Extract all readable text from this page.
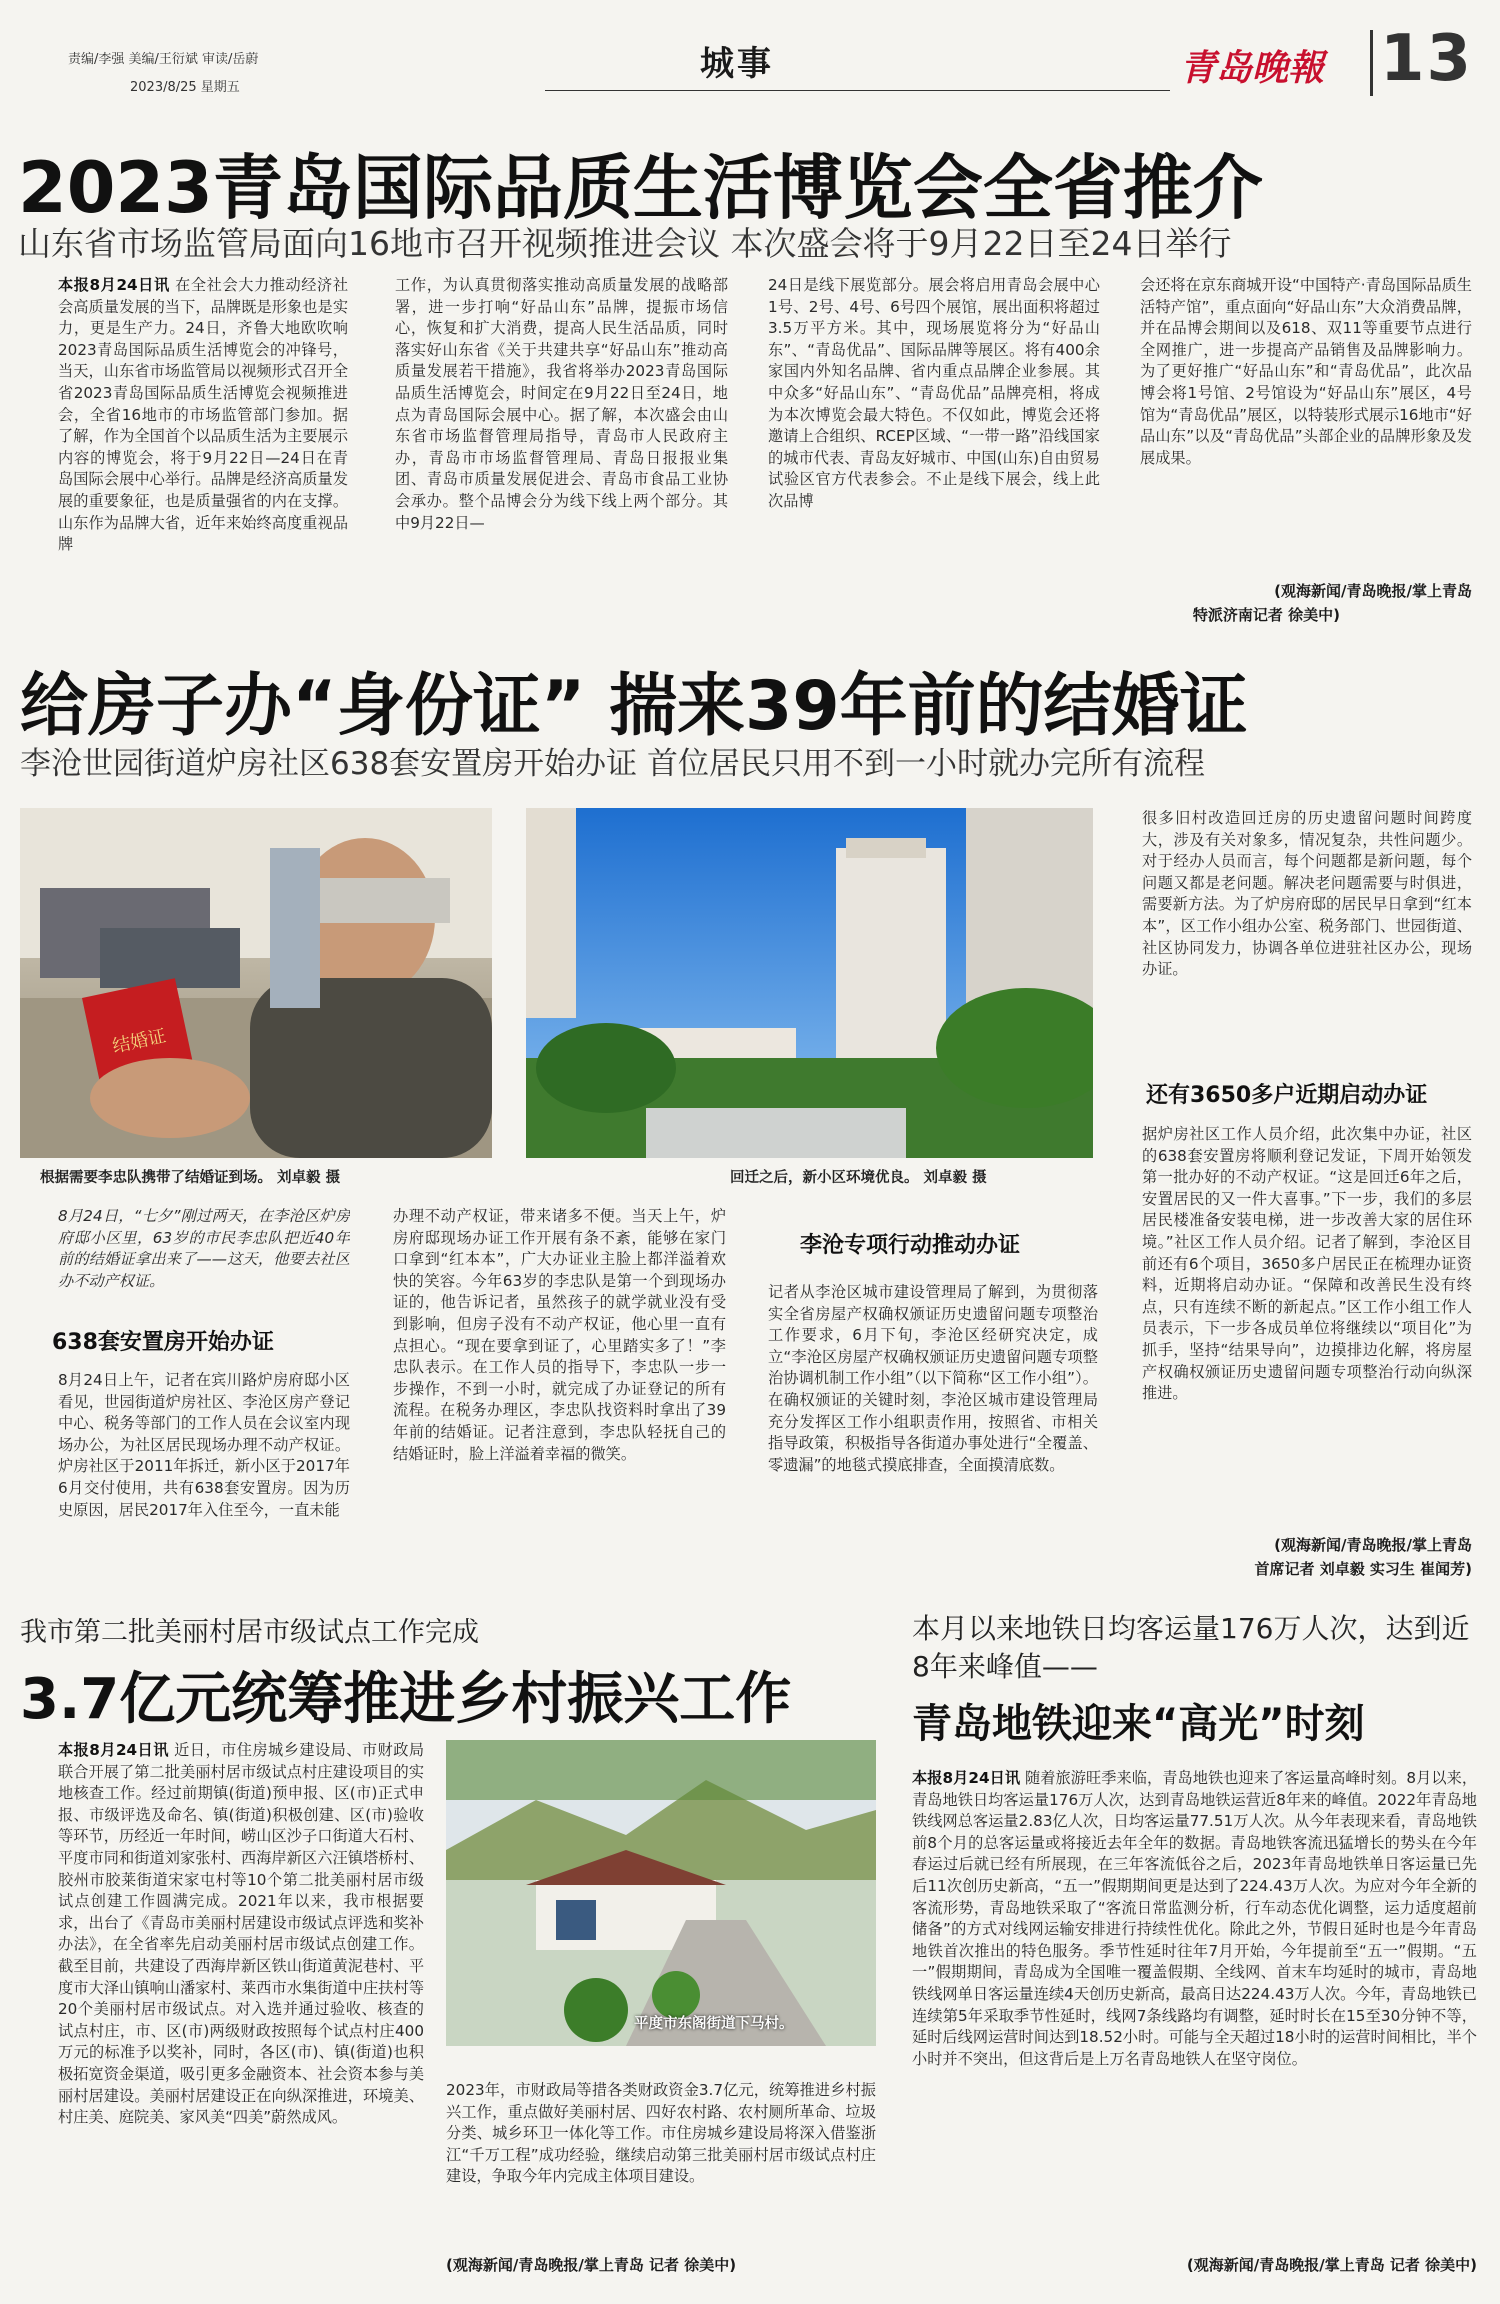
责编/李强 美编/王衍斌 审读/岳蔚
2023/8/25 星期五
城事	青岛晚報 13
2023青岛国际品质生活博览会全省推介
山东省市场监管局面向16地市召开视频推进会议 本次盛会将于9月22日至24日举行
本报8月24日讯 在全社会大力推动经济社会高质量发展的当下，品牌既是形象也是实力，更是生产力。24日，齐鲁大地欧吹响2023青岛国际品质生活博览会的冲锋号，当天，山东省市场监管局以视频形式召开全省2023青岛国际品质生活博览会视频推进会，全省16地市的市场监管部门参加。据了解，作为全国首个以品质生活为主要展示内容的博览会，将于9月22日—24日在青岛国际会展中心举行。品牌是经济高质量发展的重要象征，也是质量强省的内在支撑。山东作为品牌大省，近年来始终高度重视品牌
工作，为认真贯彻落实推动高质量发展的战略部署，进一步打响“好品山东”品牌，提振市场信心，恢复和扩大消费，提高人民生活品质，同时落实好山东省《关于共建共享“好品山东”推动高质量发展若干措施》，我省将举办2023青岛国际品质生活博览会，时间定在9月22日至24日，地点为青岛国际会展中心。据了解，本次盛会由山东省市场监督管理局指导，青岛市人民政府主办，青岛市市场监督管理局、青岛日报报业集团、青岛市质量发展促进会、青岛市食品工业协会承办。整个品博会分为线下线上两个部分。其中9月22日—
24日是线下展览部分。展会将启用青岛会展中心1号、2号、4号、6号四个展馆，展出面积将超过3.5万平方米。其中，现场展览将分为“好品山东”、“青岛优品”、国际品牌等展区。将有400余家国内外知名品牌、省内重点品牌企业参展。其中众多“好品山东”、“青岛优品”品牌亮相，将成为本次博览会最大特色。不仅如此，博览会还将邀请上合组织、RCEP区域、“一带一路”沿线国家的城市代表、青岛友好城市、中国(山东)自由贸易试验区官方代表参会。不止是线下展会，线上此次品博
会还将在京东商城开设“中国特产·青岛国际品质生活特产馆”，重点面向“好品山东”大众消费品牌，并在品博会期间以及618、双11等重要节点进行全网推广，进一步提高产品销售及品牌影响力。为了更好推广“好品山东”和“青岛优品”，此次品博会将1号馆、2号馆设为“好品山东”展区，4号馆为“青岛优品”展区，以特装形式展示16地市“好品山东”以及“青岛优品”头部企业的品牌形象及发展成果。
(观海新闻/青岛晚报/掌上青岛
特派济南记者 徐美中)
给房子办“身份证” 揣来39年前的结婚证
李沧世园街道炉房社区638套安置房开始办证 首位居民只用不到一小时就办完所有流程
结婚证
根据需要李忠队携带了结婚证到场。 刘卓毅 摄	回迁之后，新小区环境优良。 刘卓毅 摄
很多旧村改造回迁房的历史遗留问题时间跨度大，涉及有关对象多，情况复杂，共性问题少。对于经办人员而言，每个问题都是新问题，每个问题又都是老问题。解决老问题需要与时俱进，需要新方法。为了炉房府邸的居民早日拿到“红本本”，区工作小组办公室、税务部门、世园街道、社区协同发力，协调各单位进驻社区办公，现场办证。
还有3650多户近期启动办证
据炉房社区工作人员介绍，此次集中办证，社区的638套安置房将顺利登记发证，下周开始领发第一批办好的不动产权证。“这是回迁6年之后，安置居民的又一件大喜事。”下一步，我们的多层居民楼准备安装电梯，进一步改善大家的居住环境。”社区工作人员介绍。记者了解到，李沧区目前还有6个项目，3650多户居民正在梳理办证资料，近期将启动办证。“保障和改善民生没有终点，只有连续不断的新起点。”区工作小组工作人员表示，下一步各成员单位将继续以“项目化”为抓手，坚持“结果导向”，边摸排边化解，将房屋产权确权颁证历史遗留问题专项整治行动向纵深推进。
(观海新闻/青岛晚报/掌上青岛
首席记者 刘卓毅 实习生 崔闻芳)
8月24日，“七夕”刚过两天，在李沧区炉房府邸小区里，63岁的市民李忠队把近40年前的结婚证拿出来了——这天，他要去社区办不动产权证。
638套安置房开始办证
8月24日上午，记者在宾川路炉房府邸小区看见，世园街道炉房社区、李沧区房产登记中心、税务等部门的工作人员在会议室内现场办公，为社区居民现场办理不动产权证。炉房社区于2011年拆迁，新小区于2017年6月交付使用，共有638套安置房。因为历史原因，居民2017年入住至今，一直未能
办理不动产权证，带来诸多不便。当天上午，炉房府邸现场办证工作开展有条不紊，能够在家门口拿到“红本本”，广大办证业主脸上都洋溢着欢快的笑容。今年63岁的李忠队是第一个到现场办证的，他告诉记者，虽然孩子的就学就业没有受到影响，但房子没有不动产权证，他心里一直有点担心。“现在要拿到证了，心里踏实多了！”李忠队表示。在工作人员的指导下，李忠队一步一步操作，不到一小时，就完成了办证登记的所有流程。在税务办理区，李忠队找资料时拿出了39年前的结婚证。记者注意到，李忠队轻抚自己的结婚证时，脸上洋溢着幸福的微笑。
李沧专项行动推动办证
记者从李沧区城市建设管理局了解到，为贯彻落实全省房屋产权确权颁证历史遗留问题专项整治工作要求，6月下旬，李沧区经研究决定，成立“李沧区房屋产权确权颁证历史遗留问题专项整治协调机制工作小组”（以下简称“区工作小组”）。在确权颁证的关键时刻，李沧区城市建设管理局充分发挥区工作小组职责作用，按照省、市相关指导政策，积极指导各街道办事处进行“全覆盖、零遗漏”的地毯式摸底排查，全面摸清底数。
我市第二批美丽村居市级试点工作完成
3.7亿元统筹推进乡村振兴工作
本报8月24日讯 近日，市住房城乡建设局、市财政局联合开展了第二批美丽村居市级试点村庄建设项目的实地核查工作。经过前期镇(街道)预申报、区(市)正式申报、市级评选及命名、镇(街道)积极创建、区(市)验收等环节，历经近一年时间，崂山区沙子口街道大石村、平度市同和街道刘家张村、西海岸新区六汪镇塔桥村、胶州市胶莱街道宋家屯村等10个第二批美丽村居市级试点创建工作圆满完成。2021年以来，我市根据要求，出台了《青岛市美丽村居建设市级试点评选和奖补办法》，在全省率先启动美丽村居市级试点创建工作。截至目前，共建设了西海岸新区铁山街道黄泥巷村、平度市大泽山镇响山潘家村、莱西市水集街道中庄扶村等20个美丽村居市级试点。对入选并通过验收、核查的试点村庄，市、区(市)两级财政按照每个试点村庄400万元的标准予以奖补，同时，各区(市)、镇(街道)也积极拓宽资金渠道，吸引更多金融资本、社会资本参与美丽村居建设。美丽村居建设正在向纵深推进，环境美、村庄美、庭院美、家风美“四美”蔚然成风。
平度市东阁街道下马村。
2023年，市财政局等措各类财政资金3.7亿元，统筹推进乡村振兴工作，重点做好美丽村居、四好农村路、农村厕所革命、垃圾分类、城乡环卫一体化等工作。市住房城乡建设局将深入借鉴浙江“千万工程”成功经验，继续启动第三批美丽村居市级试点村庄建设，争取今年内完成主体项目建设。
(观海新闻/青岛晚报/掌上青岛 记者 徐美中)
本月以来地铁日均客运量176万人次，达到近8年来峰值——
青岛地铁迎来“高光”时刻
本报8月24日讯 随着旅游旺季来临，青岛地铁也迎来了客运量高峰时刻。8月以来，青岛地铁日均客运量176万人次，达到青岛地铁运营近8年来的峰值。2022年青岛地铁线网总客运量2.83亿人次，日均客运量77.51万人次。从今年表现来看，青岛地铁前8个月的总客运量或将接近去年全年的数据。青岛地铁客流迅猛增长的势头在今年春运过后就已经有所展现，在三年客流低谷之后，2023年青岛地铁单日客运量已先后11次创历史新高，“五一”假期期间更是达到了224.43万人次。为应对今年全新的客流形势，青岛地铁采取了“客流日常监测分析，行车动态优化调整，运力适度超前储备”的方式对线网运输安排进行持续性优化。除此之外，节假日延时也是今年青岛地铁首次推出的特色服务。季节性延时往年7月开始，今年提前至“五一”假期。“五一”假期期间，青岛成为全国唯一覆盖假期、全线网、首末车均延时的城市，青岛地铁线网单日客运量连续4天创历史新高，最高日达224.43万人次。今年，青岛地铁已连续第5年采取季节性延时，线网7条线路均有调整，延时时长在15至30分钟不等，延时后线网运营时间达到18.52小时。可能与全天超过18小时的运营时间相比，半个小时并不突出，但这背后是上万名青岛地铁人在坚守岗位。
(观海新闻/青岛晚报/掌上青岛 记者 徐美中)
